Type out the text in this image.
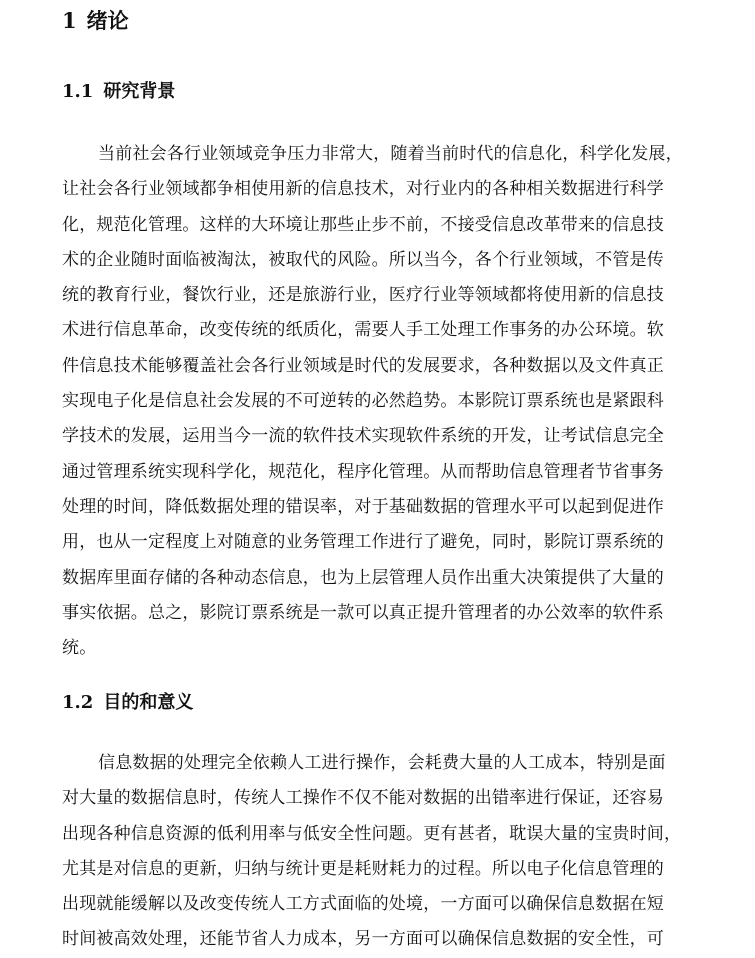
1 绪论
1.1 研究背景
当前社会各行业领域竞争压力非常大，随着当前时代的信息化，科学化发展，
让社会各行业领域都争相使用新的信息技术，对行业内的各种相关数据进行科学
化，规范化管理。这样的大环境让那些止步不前，不接受信息改革带来的信息技
术的企业随时面临被淘汰，被取代的风险。所以当今，各个行业领域，不管是传
统的教育行业，餐饮行业，还是旅游行业，医疗行业等领域都将使用新的信息技
术进行信息革命，改变传统的纸质化，需要人手工处理工作事务的办公环境。软
件信息技术能够覆盖社会各行业领域是时代的发展要求，各种数据以及文件真正
实现电子化是信息社会发展的不可逆转的必然趋势。本影院订票系统也是紧跟科
学技术的发展，运用当今一流的软件技术实现软件系统的开发，让考试信息完全
通过管理系统实现科学化，规范化，程序化管理。从而帮助信息管理者节省事务
处理的时间，降低数据处理的错误率，对于基础数据的管理水平可以起到促进作
用，也从一定程度上对随意的业务管理工作进行了避免，同时，影院订票系统的
数据库里面存储的各种动态信息，也为上层管理人员作出重大决策提供了大量的
事实依据。总之，影院订票系统是一款可以真正提升管理者的办公效率的软件系
统。
1.2 目的和意义
信息数据的处理完全依赖人工进行操作，会耗费大量的人工成本，特别是面
对大量的数据信息时，传统人工操作不仅不能对数据的出错率进行保证，还容易
出现各种信息资源的低利用率与低安全性问题。更有甚者，耽误大量的宝贵时间，
尤其是对信息的更新，归纳与统计更是耗财耗力的过程。所以电子化信息管理的
出现就能缓解以及改变传统人工方式面临的处境，一方面可以确保信息数据在短
时间被高效处理，还能节省人力成本，另一方面可以确保信息数据的安全性，可
